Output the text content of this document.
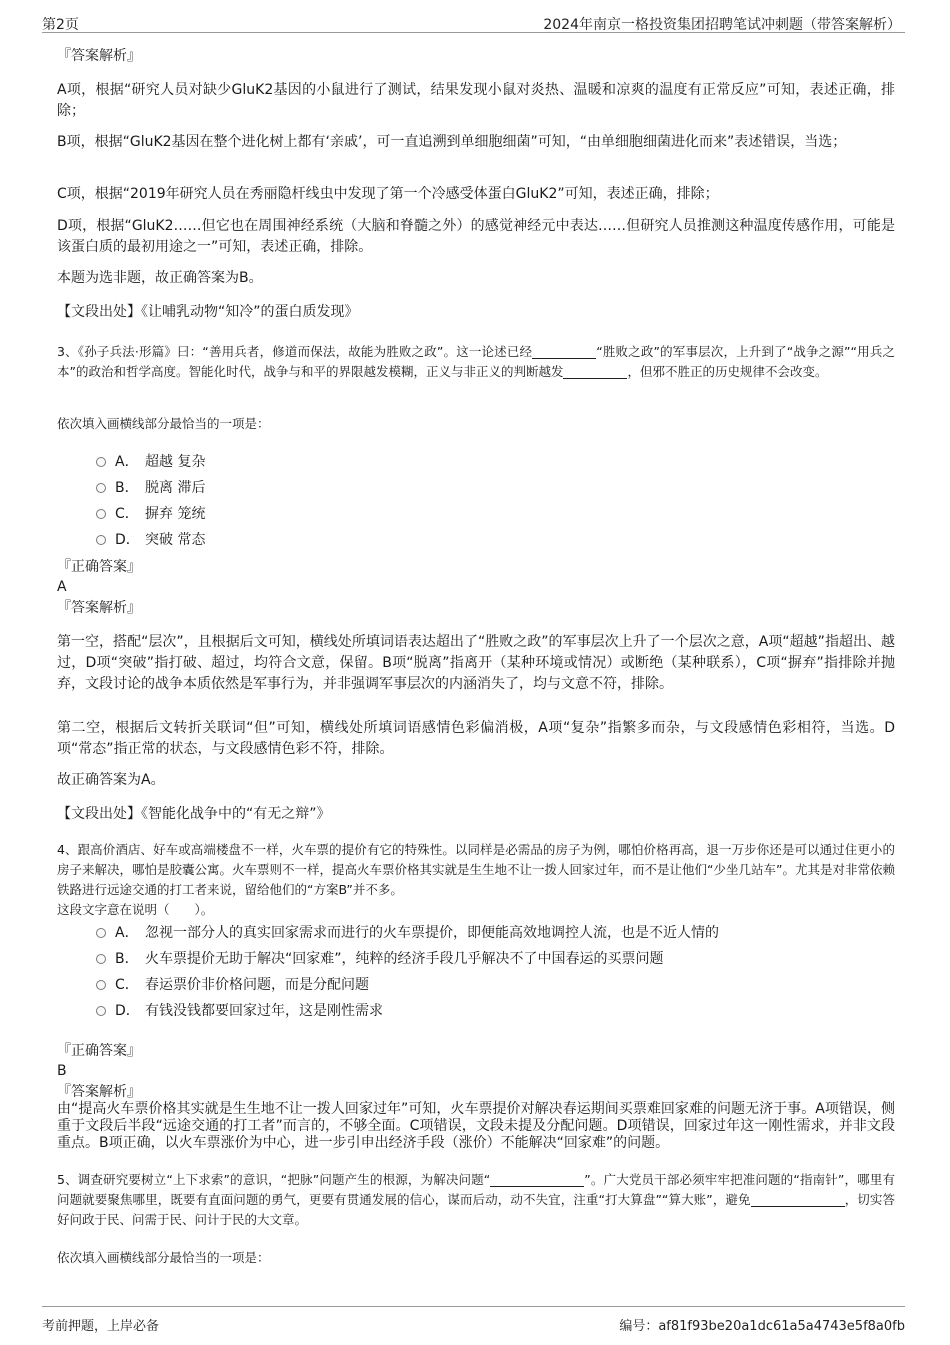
第2页	2024年南京一格投资集团招聘笔试冲刺题（带答案解析）

『答案解析』

A项，根据“研究人员对缺少GluK2基因的小鼠进行了测试，结果发现小鼠对炎热、温暖和凉爽的温度有正常反应”可知，表述正确，排除；

B项，根据“GluK2基因在整个进化树上都有‘亲戚’，可一直追溯到单细胞细菌”可知，“由单细胞细菌进化而来”表述错误，当选；

C项，根据“2019年研究人员在秀丽隐杆线虫中发现了第一个冷感受体蛋白GluK2”可知，表述正确，排除；

D项，根据“GluK2……但它也在周围神经系统（大脑和脊髓之外）的感觉神经元中表达……但研究人员推测这种温度传感作用，可能是该蛋白质的最初用途之一”可知，表述正确，排除。

本题为选非题，故正确答案为B。

【文段出处】《让哺乳动物“知冷”的蛋白质发现》

3、《孙子兵法·形篇》曰：“善用兵者，修道而保法，故能为胜败之政”。这一论述已经	“胜败之政”的军事层次，上升到了“战争之源”“用兵之本”的政治和哲学高度。智能化时代，战争与和平的界限越发模糊，正义与非正义的判断越发	，但邪不胜正的历史规律不会改变。

依次填入画横线部分最恰当的一项是：

A． 超越 复杂
B． 脱离 滞后
C． 摒弃 笼统
D． 突破 常态

『正确答案』

A

『答案解析』

第一空，搭配“层次”，且根据后文可知，横线处所填词语表达超出了“胜败之政”的军事层次上升了一个层次之意，A项“超越”指超出、越过，D项“突破”指打破、超过，均符合文意，保留。B项“脱离”指离开（某种环境或情况）或断绝（某种联系），C项“摒弃”指排除并抛弃，文段讨论的战争本质依然是军事行为，并非强调军事层次的内涵消失了，均与文意不符，排除。

第二空，根据后文转折关联词“但”可知，横线处所填词语感情色彩偏消极，A项“复杂”指繁多而杂，与文段感情色彩相符，当选。D项“常态”指正常的状态，与文段感情色彩不符，排除。

故正确答案为A。

【文段出处】《智能化战争中的“有无之辩”》

4、跟高价酒店、好车或高端楼盘不一样，火车票的提价有它的特殊性。以同样是必需品的房子为例，哪怕价格再高，退一万步你还是可以通过住更小的房子来解决，哪怕是胶囊公寓。火车票则不一样，提高火车票价格其实就是生生地不让一拨人回家过年，而不是让他们“少坐几站车”。尤其是对非常依赖铁路进行远途交通的打工者来说，留给他们的“方案B”并不多。

这段文字意在说明（　　）。

A． 忽视一部分人的真实回家需求而进行的火车票提价，即便能高效地调控人流，也是不近人情的
B． 火车票提价无助于解决“回家难”，纯粹的经济手段几乎解决不了中国春运的买票问题
C． 春运票价非价格问题，而是分配问题
D． 有钱没钱都要回家过年，这是刚性需求

『正确答案』

B

『答案解析』

由“提高火车票价格其实就是生生地不让一拨人回家过年”可知，火车票提价对解决春运期间买票难回家难的问题无济于事。A项错误，侧重于文段后半段“远途交通的打工者”而言的，不够全面。C项错误，文段未提及分配问题。D项错误，回家过年这一刚性需求，并非文段重点。B项正确，以火车票涨价为中心，进一步引申出经济手段（涨价）不能解决“回家难”的问题。

5、调查研究要树立“上下求索”的意识，“把脉”问题产生的根源，为解决问题“	”。广大党员干部必须牢牢把准问题的“指南针”，哪里有问题就要聚焦哪里，既要有直面问题的勇气，更要有贯通发展的信心，谋而后动，动不失宜，注重“打大算盘”“算大账”，避免	，切实答好问政于民、问需于民、问计于民的大文章。

依次填入画横线部分最恰当的一项是：

考前押题，上岸必备	编号：af81f93be20a1dc61a5a4743e5f8a0fb
